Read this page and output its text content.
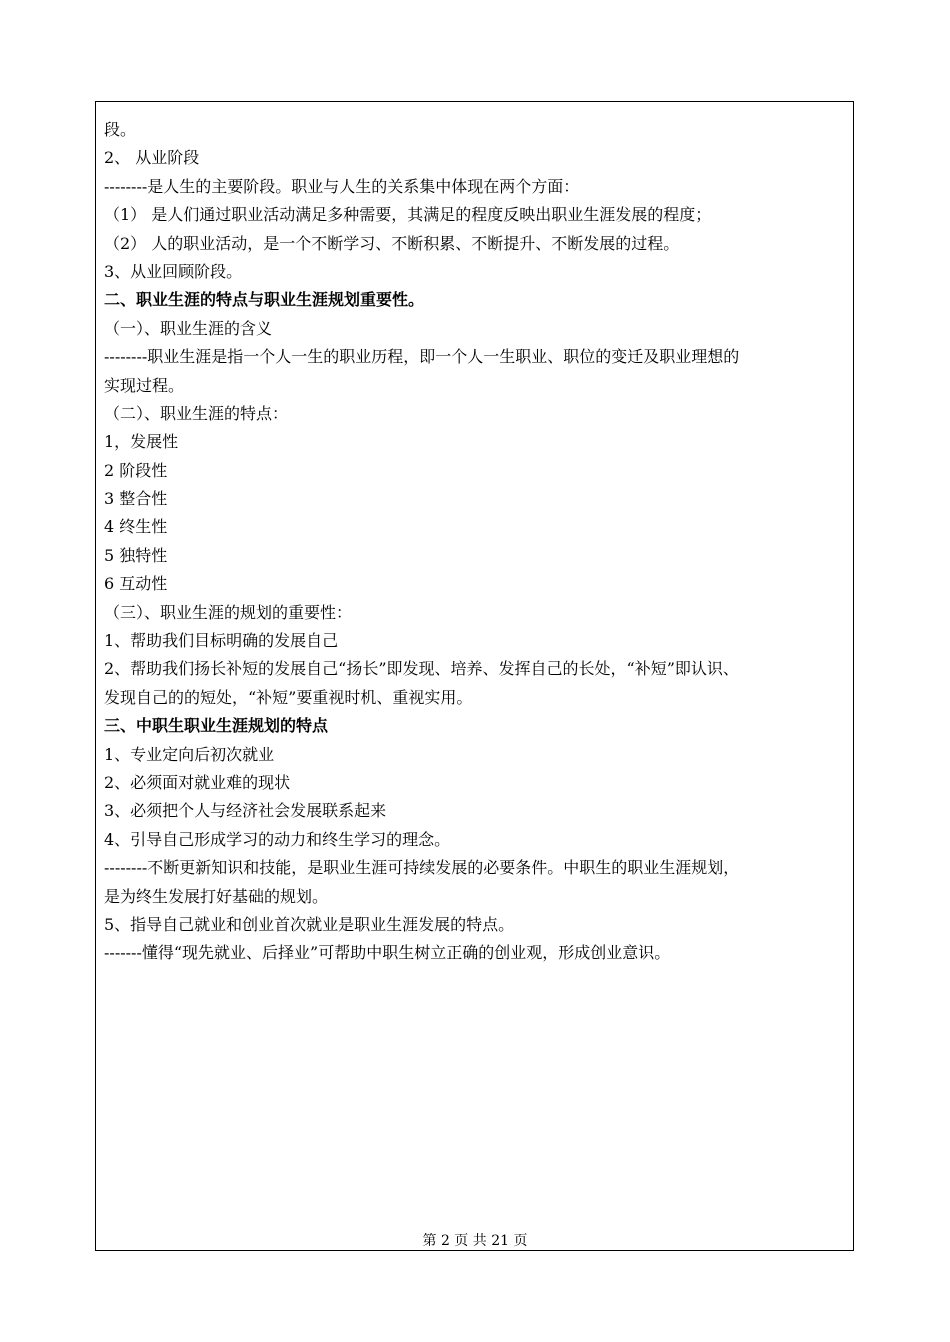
段。
2、 从业阶段
--------是人生的主要阶段。职业与人生的关系集中体现在两个方面：
（1） 是人们通过职业活动满足多种需要，其满足的程度反映出职业生涯发展的程度；
（2） 人的职业活动，是一个不断学习、不断积累、不断提升、不断发展的过程。
3、从业回顾阶段。
二、职业生涯的特点与职业生涯规划重要性。
（一）、职业生涯的含义
--------职业生涯是指一个人一生的职业历程，即一个人一生职业、职位的变迁及职业理想的
实现过程。
（二）、职业生涯的特点：
1，发展性
2 阶段性
3 整合性
4 终生性
5 独特性
6 互动性
（三）、职业生涯的规划的重要性：
1、帮助我们目标明确的发展自己
2、帮助我们扬长补短的发展自己“扬长”即发现、培养、发挥自己的长处，“补短”即认识、
发现自己的的短处，“补短”要重视时机、重视实用。
三、中职生职业生涯规划的特点
1、专业定向后初次就业
2、必须面对就业难的现状
3、必须把个人与经济社会发展联系起来
4、引导自己形成学习的动力和终生学习的理念。
--------不断更新知识和技能，是职业生涯可持续发展的必要条件。中职生的职业生涯规划，
是为终生发展打好基础的规划。
5、指导自己就业和创业首次就业是职业生涯发展的特点。
-------懂得“现先就业、后择业”可帮助中职生树立正确的创业观，形成创业意识。
第 2 页 共 21 页
